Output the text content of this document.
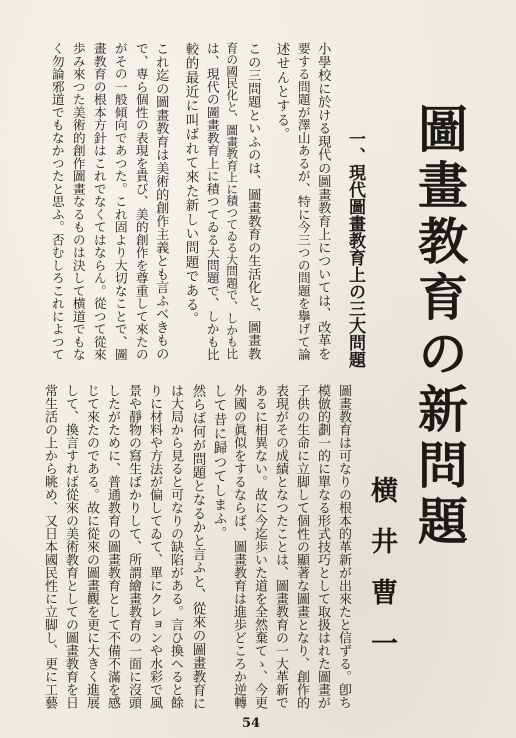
圖畫教育の新問題
横井曹一
一、現代圖畫教育上の三大問題
小學校に於ける現代の圖畫教育上については、改革を
要する問題が澤山あるが、特に今三つの問題を擧げて論
述せんとする。
この三問題といふのは、圖畫教育の生活化と、圖畫教
育の國民化と、圖畫教育上に積つてゐる大問題で、しかも比
は、現代の圖畫教育上に積つてゐる大問題で、しかも比
較的最近に叫ばれて來た新しい問題である。
これ迄の圖畫教育は美術的創作主義とも言ふべきもの
で、専ら個性の表現を貴び、美的創作を尊重して來たの
がその一般傾向であつた。これ固より大切なことで、圖
畫教育の根本方針はこれでなくてはならん。從つて從來
歩み來つた美術的創作圖畫なるものは決して横道でもな
く勿論邪道でもなかつたと思ふ。否むしろこれによつて
圖畫教育は可なりの根本的革新が出來たと信ずる。卽ち
模倣的劃一的に單なる形式技巧として取扱はれた圖畫が
子供の生命に立脚して個性の顯著な圖畫となり、創作的
表現がその成績となつたことは、圖畫教育の一大革新で
あるに相異ない。故に今迄歩いた道を全然棄てゝ、今更
外國の眞似をするならば、圖畫教育は進歩どころか逆轉
して昔に歸つてしまふ。
然らば何が問題となるかと言ふと、從來の圖畫教育に
は大局から見ると可なりの缺陷がある。言ひ換へると餘
りに材料や方法が偏してゐて、單にクレョンや水彩で風
景や靜物の寫生ばかりして、所謂繪畫教育の一面に沒頭
したがために、普通教育の圖畫教育として不備不滿を感
じて來たのである。故に從來の圖畫觀を更に大きく進展
して、換言すれば從來の美術教育としての圖畫教育を日
常生活の上から眺め、又日本國民性に立脚し、更に工藝
54
